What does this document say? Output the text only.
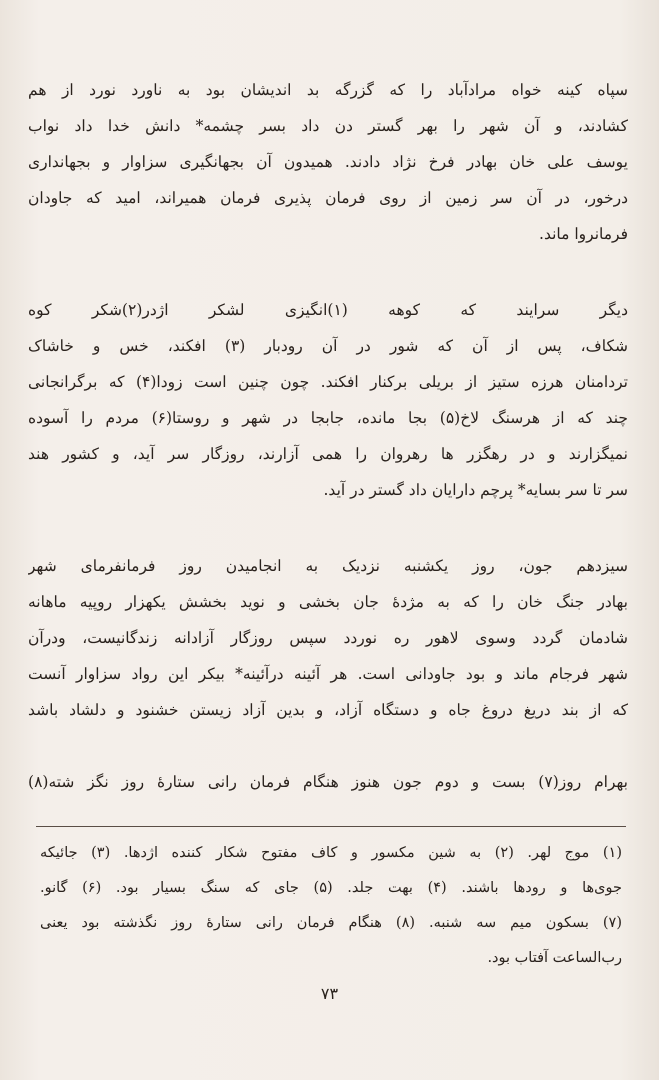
سپاه کینه خواه مرادآباد را که گزرگه بد اندیشان بود به ناورد نورد از هم
کشادند، و آن شهر را بهر گستر دن داد بسر چشمه* دانش خدا داد نواب
یوسف علی خان بهادر فرخ نژاد دادند. همیدون آن بجهانگیری سزاوار و بجهانداری
درخور، در آن سر زمین از روی فرمان پذیری فرمان همیراند، امید که جاودان
فرمانروا ماند.
دیگر سرایند که کوهه (۱)انگیزی لشکر اژدر(۲)شکر کوه
شکاف، پس از آن که شور در آن رودبار (۳) افکند، خس و خاشاک
تردامنان هرزه ستیز از بریلی برکنار افکند. چون چنین است زودا(۴) که برگرانجانی
چند که از هرسنگ لاخ(۵) بجا مانده، جابجا در شهر و روستا(۶) مردم را آسوده
نمیگزارند و در رهگزر ها رهروان را همی آزارند، روزگار سر آید، و کشور هند
سر تا سر بسایه* پرچم دارایان داد گستر در آید.
سیزدهم جون، روز یکشنبه نزدیک به انجامیدن روز فرمانفرمای شهر
بهادر جنگ خان را که به مژدهٔ جان بخشی و نوید بخشش یکهزار روپیه ماهانه
شادمان گردد وسوی لاهور ره نوردد سپس روزگار آزادانه زندگانیست، ودرآن
شهر فرجام ماند و بود جاودانی است. هر آئینه درآئینه* بیکر این رواد سزاوار آنست
که از بند دریغ دروغ جاه و دستگاه آزاد، و بدین آزاد زیستن خشنود و دلشاد باشد
بهرام روز(۷) بست و دوم جون هنوز هنگام فرمان رانی ستارهٔ روز نگز شته(۸)
(۱) موج لهر. (۲) به شین مکسور و کاف مفتوح شکار کننده اژدها. (۳) جائیکه
جوی‌ها و رودها باشند. (۴) بهت جلد. (۵) جای که سنگ بسیار بود. (۶) گانو.
(۷) بسکون میم سه شنبه. (۸) هنگام فرمان رانی ستارهٔ روز نگذشته بود یعنی
رب‌الساعت آفتاب بود.
۷۳
